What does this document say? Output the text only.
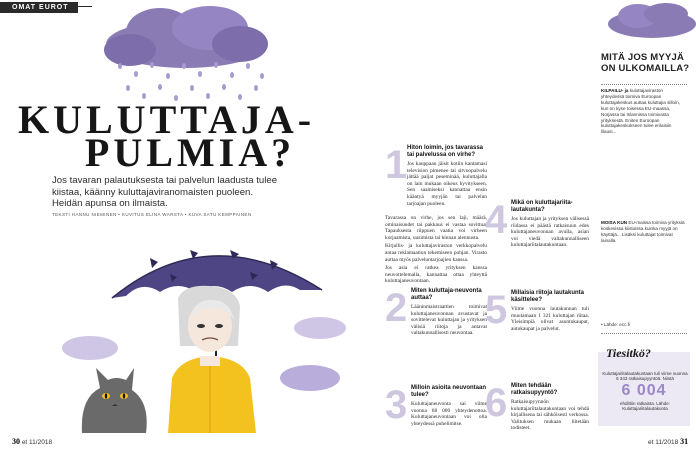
OMAT EUROT
KULUTTAJA-
PULMIA?
Jos tavaran palautuksesta tai palvelun laadusta tulee kiistaa, käänny kuluttajaviranomaisten puoleen. Heidän apunsa on ilmaista.
TEKSTI HANNU NIEMINEN • KUVITUS ELINA WARSTA • KUVA SATU KEMPPAINEN
30 et 11/2018
1 Hiton loimin, jos tavarassa tai palvelussa on virhe?
Jos kauppaan jäisit kotiin kantamasi television pimenee tai sitvoopalvelu jättää paljat peseminää, kuluttajalla on lain mukaan oikeus hyvitykseen. Sen saamiseksi kannattaa ensin kääntyä myyjän tai palvelun tarjoajan puoleen.

Tavarassa on virhe, jos sen laji, määrä, ominaisuudet tai pakkaus ei vastaa sovittua. Tapauksesta riippuen vaatia voi virheen korjaamista, uusimista tai hinnan alennusta.

Kirjallis- ja kuluttajaviraston verkkopalvelu antaa reklamaation tekemiseen pohjan. Virasto auttaa myös palveluntarjoajien kanssa.

Jos asia ei ratkea yrityksen kanssa neuvottelemalla, kannattaa ottaa yhteyttä kuluttajaneuvontaan.

2 Miten kuluttaja-neuvonta auttaa?
Lääninmaistraattien toimivat kuluttajaneuvonnan avustavat ja sovittelevat kuluttajan ja yrityksen välisiä riitoja ja antavat valtakunnallisesti neuvontaa.
3 Milloin asioita neuvontaan tulee?
Kuluttajaneuvonta sai viime vuonna 68 000 yhteydenottoa. Kuluttajaneuvontaan voi olla yhteydessä puhelimitse.
4 Mikä on kuluttajariita-lautakunta?
Jos kuluttajan ja yrityksen välisessä riidassa ei päästä ratkaisuun edes kuluttajaneuvonnan avulla, asian voi viedä valtakunnalliseen kuluttajariitalautakuntaan.
5 Millaisia riitoja lautakunta käsittelee?
Viime vuonna lautakunnan tuli muutamaan 1 321 kuluttajan riitaa. Yleisimpiä olivat asuntokaupat, autokaupat ja palvelut.
6 Miten tehdään ratkaisupyyntö?
Ratkaisupyynnön kuluttajariitalautakuntaan voi tehdä kirjallisena tai sähköisesti verkossa. Valituksen mukaan liitetään todisteet.
MITÄ JOS MYYJÄ ON ULKOMAILLA?
KILPAILU- ja kuluttajaviraston yhteydessä toimiva Euroopan kuluttajakeskus auttaa kuluttajia silloin, kun on kyse toisessa EU-maassa, Norjassa tai Islannissa toimivasta yrityksestä. Eniten Euroopan kuluttajakeskukseen tulee erilaisiin lilausi...
MOISA KUN EU-maissa toimiva yrityksiä koskevissa kiistoissa kuinka myyjä on käyttäjä... Lisäksi kuluttajat toimivat lainalla.
• Lähde: ecc.fi
Tiesitkö?
Kuluttajariitalautakuntaan tuli viime vuonna 6 343 ratkaisupyyntöä. Niistä
6 004
ehdittiin ratkaista. Lähde: Kuluttajariitalautakunta
et 11/2018 31
